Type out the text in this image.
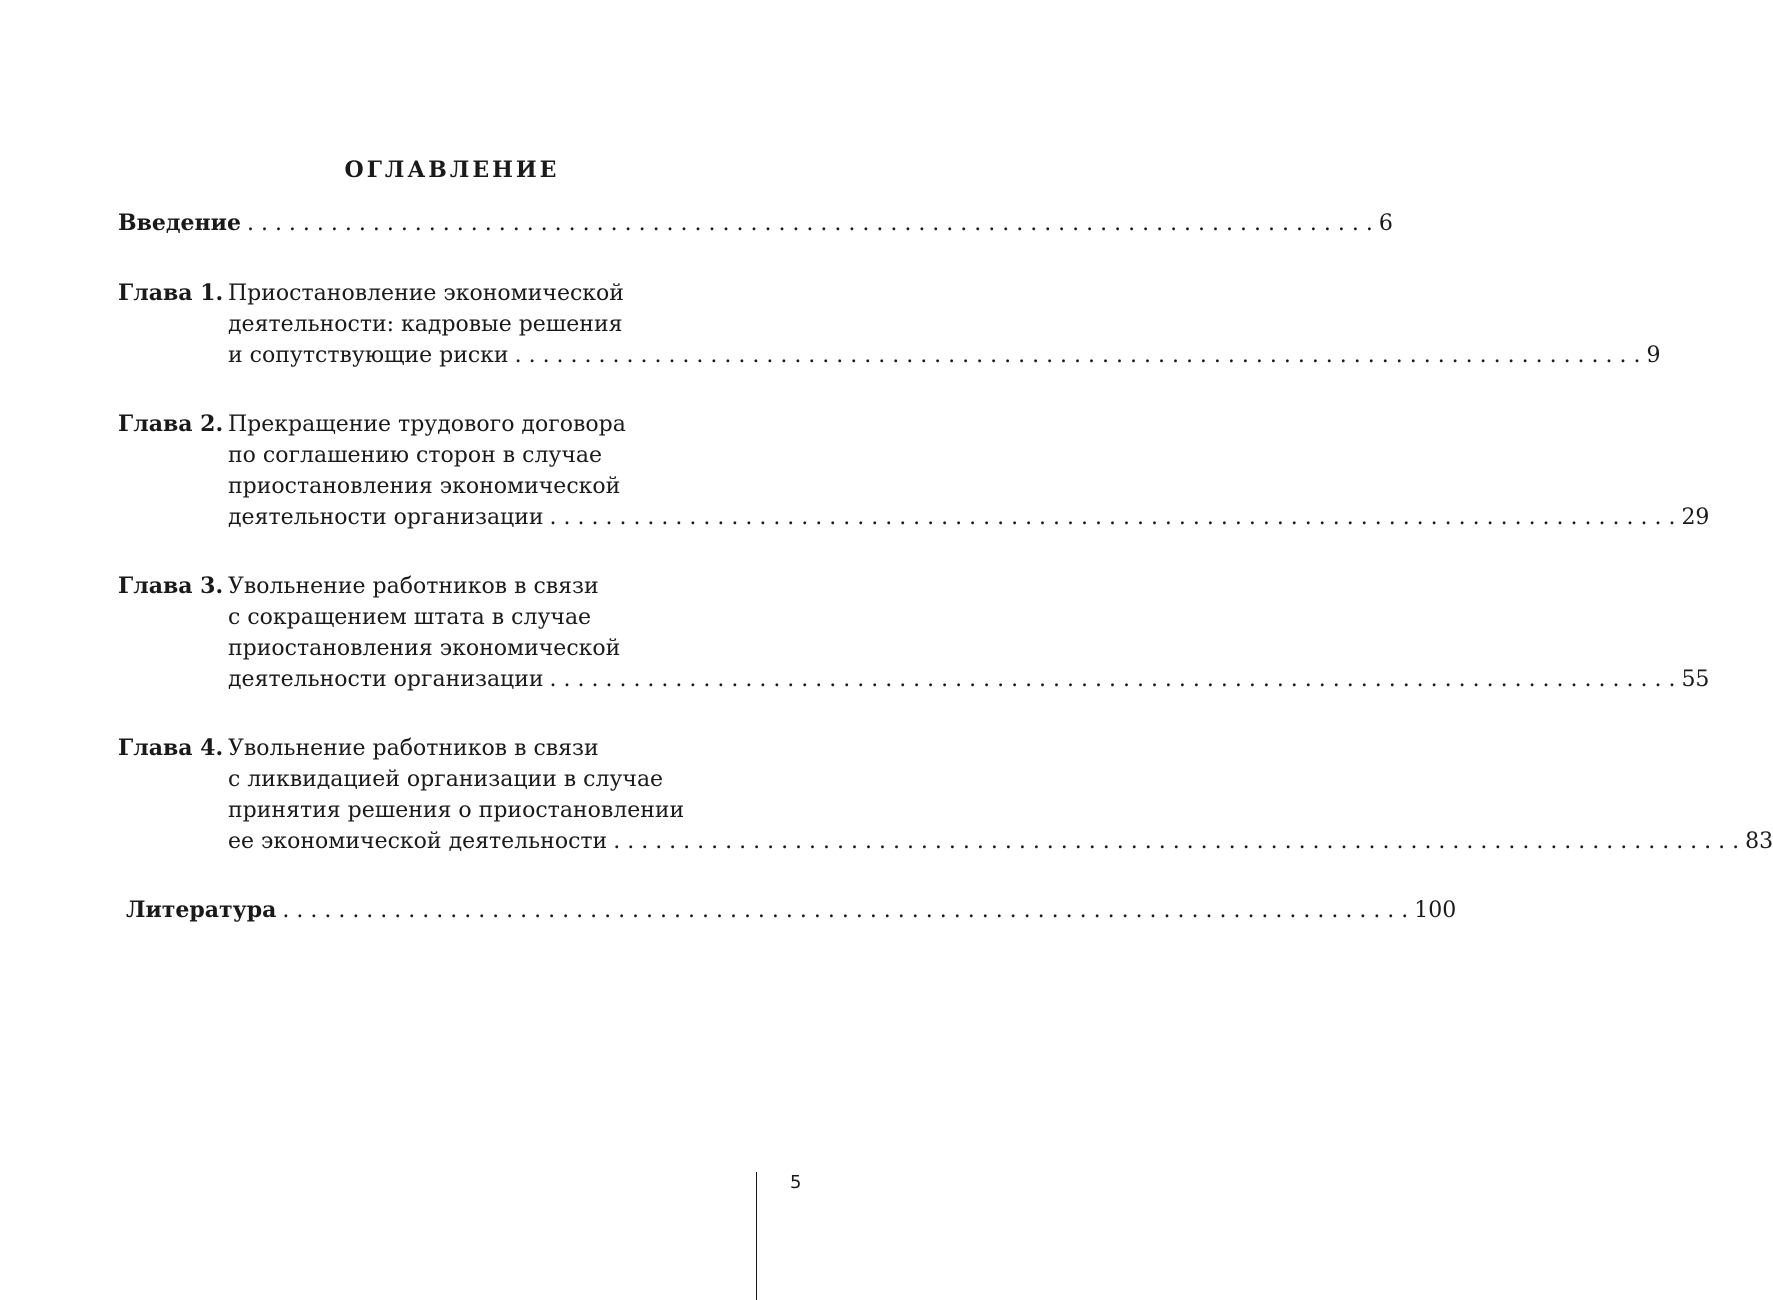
ОГЛАВЛЕНИЕ
Введение . . .	6
Глава 1. Приостановление экономической
деятельности: кадровые решения
и сопутствующие риски . . .	9
Глава 2. Прекращение трудового договора
по соглашению сторон в случае
приостановления экономической
деятельности организации . . .	29
Глава 3. Увольнение работников в связи
с сокращением штата в случае
приостановления экономической
деятельности организации . . .	55
Глава 4. Увольнение работников в связи
с ликвидацией организации в случае
принятия решения о приостановлении
ее экономической деятельности . . .	83
Литература . . .	100
5
